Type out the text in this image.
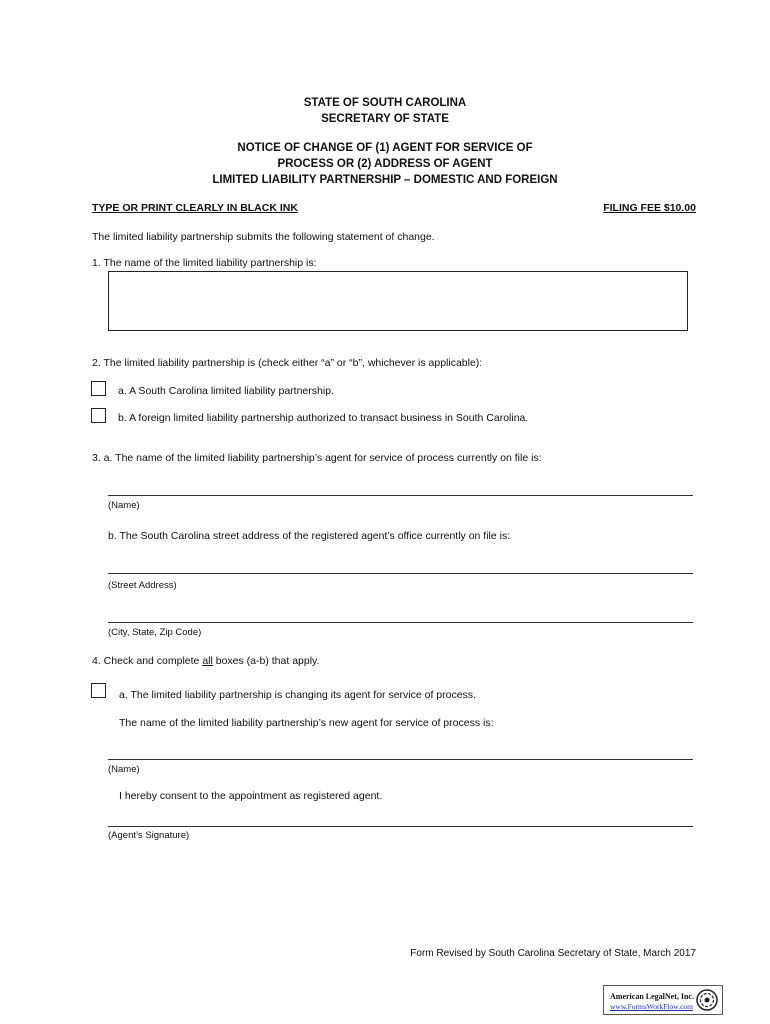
STATE OF SOUTH CAROLINA
SECRETARY OF STATE
NOTICE OF CHANGE OF (1) AGENT FOR SERVICE OF
PROCESS OR (2) ADDRESS OF AGENT
LIMITED LIABILITY PARTNERSHIP – DOMESTIC AND FOREIGN
TYPE OR PRINT CLEARLY IN BLACK INK	FILING FEE $10.00
The limited liability partnership submits the following statement of change.
1. The name of the limited liability partnership is:
2. The limited liability partnership is (check either “a” or “b”, whichever is applicable):
a. A South Carolina limited liability partnership.
b. A foreign limited liability partnership authorized to transact business in South Carolina.
3. a. The name of the limited liability partnership’s agent for service of process currently on file is:
(Name)
b. The South Carolina street address of the registered agent’s office currently on file is:
(Street Address)
(City, State, Zip Code)
4. Check and complete all boxes (a-b) that apply.
a. The limited liability partnership is changing its agent for service of process.
The name of the limited liability partnership’s new agent for service of process is:
(Name)
I hereby consent to the appointment as registered agent.
(Agent’s Signature)
Form Revised by South Carolina Secretary of State, March 2017
American LegalNet, Inc.
www.FormsWorkFlow.com
